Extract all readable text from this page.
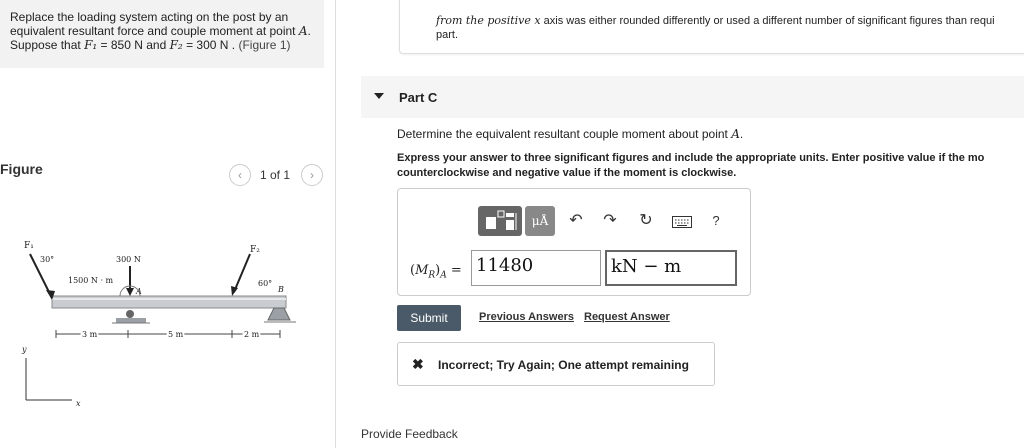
Replace the loading system acting on the post by an
equivalent resultant force and couple moment at point A.
Suppose that F₁ = 850 N and F₂ = 300 N . (Figure 1)
Figure	‹	1 of 1	›
F₁
30°	300 N
1500 N · m
A
F₂
60°
B
3 m	5 m	2 m
y
x
from the positive x axis was either rounded differently or used a different number of significant figures than requi
part.
Part C
Determine the equivalent resultant couple moment about point A.
Express your answer to three significant figures and include the appropriate units. Enter positive value if the mo
counterclockwise and negative value if the moment is clockwise.
μÅ	↶	↷	↻	?
$(M_R)_A = 11480$	kN − m
Submit	Previous Answers Request Answer
✖ Incorrect; Try Again; One attempt remaining
Provide Feedback
